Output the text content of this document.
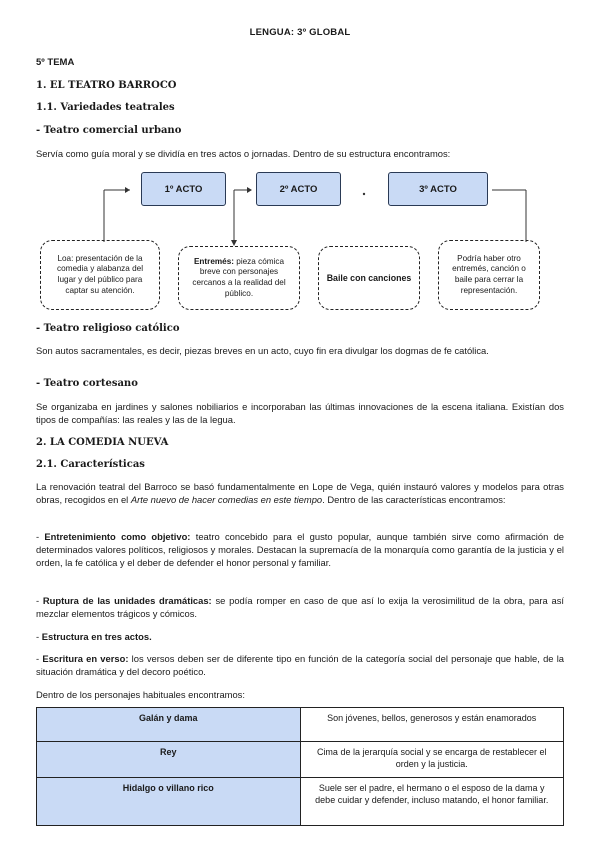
LENGUA: 3º GLOBAL
5º TEMA
1. EL TEATRO BARROCO
1.1. Variedades teatrales
- Teatro comercial urbano
Servía como guía moral y se dividía en tres actos o jornadas. Dentro de su estructura encontramos:
1º ACTO	2º ACTO	3º ACTO
Loa: presentación de la comedia y alabanza del lugar y del público para captar su atención.
Entremés: pieza cómica breve con personajes cercanos a la realidad del público.
Baile con canciones
Podría haber otro entremés, canción o baile para cerrar la representación.
- Teatro religioso católico
Son autos sacramentales, es decir, piezas breves en un acto, cuyo fin era divulgar los dogmas de fe católica.
- Teatro cortesano
Se organizaba en jardines y salones nobiliarios e incorporaban las últimas innovaciones de la escena italiana. Existían dos tipos de compañías: las reales y las de la legua.
2. LA COMEDIA NUEVA
2.1. Características
La renovación teatral del Barroco se basó fundamentalmente en Lope de Vega, quién instauró valores y modelos para otras obras, recogidos en el Arte nuevo de hacer comedias en este tiempo. Dentro de las características encontramos:
- Entretenimiento como objetivo: teatro concebido para el gusto popular, aunque también sirve como afirmación de determinados valores políticos, religiosos y morales. Destacan la supremacía de la monarquía como garantía de la justicia y el orden, la fe católica y el deber de defender el honor personal y familiar.
- Ruptura de las unidades dramáticas: se podía romper en caso de que así lo exija la verosimilitud de la obra, para así mezclar elementos trágicos y cómicos.
- Estructura en tres actos.
- Escritura en verso: los versos deben ser de diferente tipo en función de la categoría social del personaje que hable, de la situación dramática y del decoro poético.
Dentro de los personajes habituales encontramos:
Galán y dama	Son jóvenes, bellos, generosos y están enamorados
Rey	Cima de la jerarquía social y se encarga de restablecer el orden y la justicia.
Hidalgo o villano rico	Suele ser el padre, el hermano o el esposo de la dama y debe cuidar y defender, incluso matando, el honor familiar.
